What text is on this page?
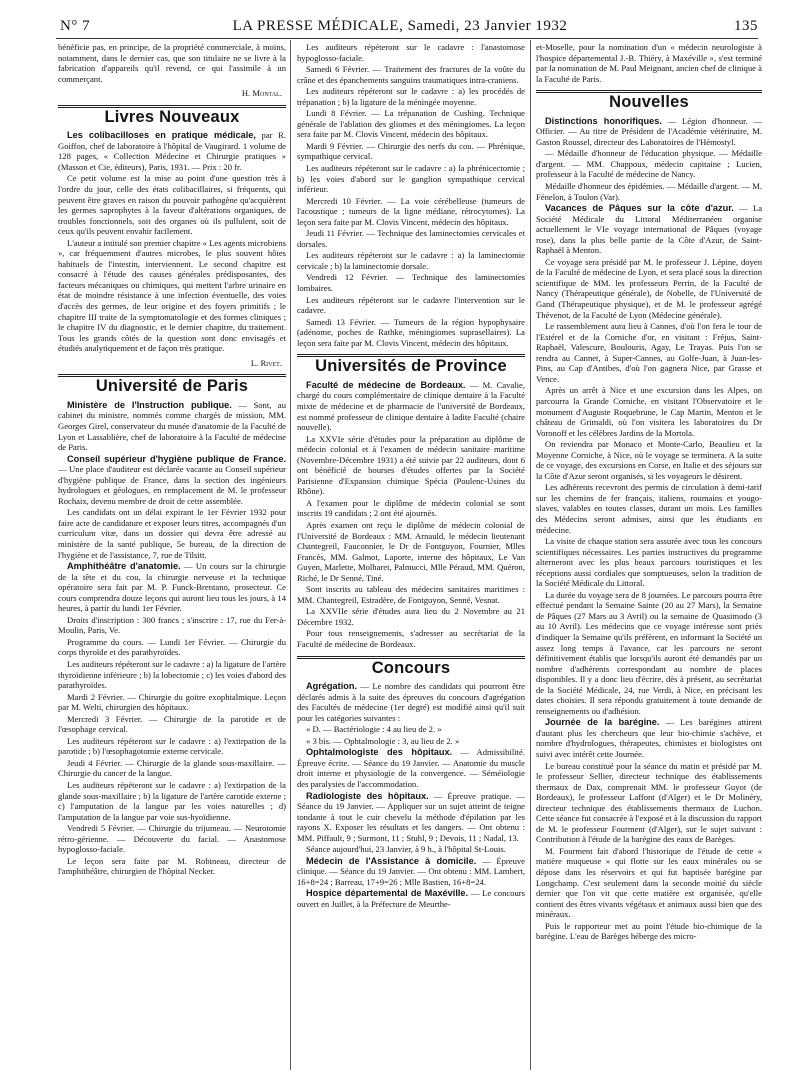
N° 7	LA PRESSE MÉDICALE, Samedi, 23 Janvier 1932	135

bénéficie pas, en principe, de la propriété commerciale, à moins, notamment, dans le dernier cas, que son titulaire ne se livre à la fabrication d'appareils qu'il revend, ce qui l'assimile à un commerçant.

H. Montal.
Livres Nouveaux

Les colibacilloses en pratique médicale, par R. Goiffon, chef de laboratoire à l'hôpital de Vaugirard. 1 volume de 128 pages, « Collection Médecine et Chirurgie pratiques » (Masson et Cie, éditeurs), Paris, 1931. — Prix : 20 fr.

Ce petit volume est la mise au point d'une question très à l'ordre du jour, celle des états colibacillaires, si fréquents, qui peuvent être graves en raison du pouvoir pathogène qu'acquièrent les germes saprophytes à la faveur d'altérations organiques, de troubles fonctionnels, soit des organes où ils pullulent, soit de ceux qu'ils peuvent envahir facilement.

L'auteur a intitulé son premier chapitre « Les agents microbiens », car fréquemment d'autres microbes, le plus souvent hôtes habituels de l'intestin, interviennent. Le second chapitre est consacré à l'étude des causes générales prédisposantes, des facteurs mécaniques ou chimiques, qui mettent l'arbre urinaire en état de moindre résistance à une infection éventuelle, des voies d'accès des germes, de leur origine et des foyers primitifs ; le chapitre III traite de la symptomatologie et des formes cliniques ; le chapitre IV du diagnostic, et le dernier chapitre, du traitement. Tous les grands côtés de la question sont donc envisagés et étudiés analytiquement et de façon très pratique.

L. Rivet.
Université de Paris

Ministère de l'Instruction publique. — Sont, au cabinet du ministre, nommés comme chargés de mission, MM. Georges Girel, conservateur du musée d'anatomie de la Faculté de Lyon et Lassablière, chef de laboratoire à la Faculté de médecine de Paris.

Conseil supérieur d'hygiène publique de France. — Une place d'auditeur est déclarée vacante au Conseil supérieur d'hygiène publique de France, dans la section des ingénieurs hydrologues et géologues, en remplacement de M. le professeur Rochaix, devenu membre de droit de cette assemblée.

Les candidats ont un délai expirant le 1er Février 1932 pour faire acte de candidature et exposer leurs titres, accompagnés d'un curriculum vitæ, dans un dossier qui devra être adressé au ministère de la santé publique, 5e bureau, de la direction de l'hygiène et de l'assistance, 7, rue de Tilsitt.

Amphithéâtre d'anatomie. — Un cours sur la chirurgie de la tête et du cou, la chirurgie nerveuse et la technique opératoire sera fait par M. P. Funck-Brentano, prosecteur. Ce cours comprendra douze leçons qui auront lieu tous les jours, à 14 heures, à partir du lundi 1er Février.

Droits d'inscription : 300 francs ; s'inscrire : 17, rue du Fer-à-Moulin, Paris, Ve.

Programme du cours. — Lundi 1er Février. — Chirurgie du corps thyroïde et des parathyroïdes.

Les auditeurs répéteront sur le cadavre : a) la ligature de l'artère thyroïdienne inférieure ; b) la lobectomie ; c) les voies d'abord des parathyroïdes.

Mardi 2 Février. — Chirurgie du goitre exophtalmique. Leçon par M. Welti, chirurgien des hôpitaux.

Mercredi 3 Février. — Chirurgie de la parotide et de l'œsophage cervical.

Les auditeurs répéteront sur le cadavre : a) l'extirpation de la parotide ; b) l'œsophagotomie externe cervicale.

Jeudi 4 Février. — Chirurgie de la glande sous-maxillaire. — Chirurgie du cancer de la langue.

Les auditeurs répéteront sur le cadavre : a) l'extirpation de la glande sous-maxillaire ; b) la ligature de l'artère carotide externe ; c) l'amputation de la langue par les voies naturelles ; d) l'amputation de la langue par voie sus-hyoïdienne.

Vendredi 5 Février. — Chirurgie du trijumeau. — Neurotomie rétro-gérienne. — Découverte du facial. — Anastomose hypoglosso-faciale.

Le leçon sera faite par M. Robineau, directeur de l'amphithéâtre, chirurgien de l'hôpital Necker.

Les auditeurs répéteront sur le cadavre : l'anastomose hypoglosso-faciale.

Samedi 6 Février. — Traitement des fractures de la voûte du crâne et des épanchements sanguins traumatiques intra-craniens.

Les auditeurs répéteront sur le cadavre : a) les procédés de trépanation ; b) la ligature de la méningée moyenne.

Lundi 8 Février. — La trépanation de Cushing. Technique générale de l'ablation des gliomes et des méningiomes. La leçon sera faite par M. Clovis Vincent, médecin des hôpitaux.

Mardi 9 Février. — Chirurgie des nerfs du cou. — Phrénique, sympathique cervical.

Les auditeurs répéteront sur le cadavre : a) la phrénicectomie ; b) les voies d'abord sur le ganglion sympathique cervical inférieur.

Mercredi 10 Février. — La voie cérébelleuse (tumeurs de l'acoustique ; tumeurs de la ligne médiane, rétrocytomes). La leçon sera faite par M. Clovis Vincent, médecin des hôpitaux.

Jeudi 11 Février. — Technique des laminectomies cervicales et dorsales.

Les auditeurs répéteront sur le cadavre : a) la laminectomie cervicale ; b) la laminectomie dorsale.

Vendredi 12 Février. — Technique des laminectomies lombaires.

Les auditeurs répéteront sur le cadavre l'intervention sur le cadavre.

Samedi 13 Février. — Tumeurs de la région hypophysaire (adénome, poches de Rathke, méningiomes suprasellaires). La leçon sera faite par M. Clovis Vincent, médecin des hôpitaux.

Universités de Province

Faculté de médecine de Bordeaux. — M. Cavalie, chargé du cours complémentaire de clinique dentaire à la Faculté mixte de médecine et de pharmacie de l'université de Bordeaux, est nommé professeur de clinique dentaire à ladite Faculté (chaire nouvelle).

La XXVIe série d'études pour la préparation au diplôme de médecin colonial et à l'examen de médecin sanitaire maritime (Novembre-Décembre 1931) a été suivie par 22 auditeurs, dont 6 ont bénéficié de bourses d'études offertes par la Société Parisienne d'Expansion chimique Spécia (Poulenc-Usines du Rhône).

A l'examen pour le diplôme de médecin colonial se sont inscrits 19 candidats ; 2 ont été ajournés.

Après examen ont reçu le diplôme de médecin colonial de l'Université de Bordeaux : MM. Arnauld, le médecin lieutenant Chantegreil, Fauconnier, le Dr de Fontguyon, Fournier, Mlles Francès, MM. Galmot, Laporte, interne des hôpitaux, Le Van Guyen, Marlette, Molharet, Palmucci, Mlle Péraud, MM. Quéron, Riché, le Dr Senné, Tiné.

Sont inscrits au tableau des médecins sanitaires maritimes : MM. Chantegreil, Estradère, de Fontguyon, Senné, Vesnat.

La XXVIIe série d'études aura lieu du 2 Novembre au 21 Décembre 1932.

Pour tous renseignements, s'adresser au secrétariat de la Faculté de médecine de Bordeaux.

Concours

Agrégation. — Le nombre des candidats qui pourront être déclarés admis à la suite des épreuves du concours d'agrégation des Facultés de médecine (1er degré) est modifié ainsi qu'il suit pour les catégories suivantes :

« D. — Bactériologie : 4 au lieu de 2. »

« 3 bis. — Ophtalmologie : 3, au lieu de 2. »

Ophtalmologiste des hôpitaux. — Admissibilité. Épreuve écrite. — Séance du 19 Janvier. — Anatomie du muscle droit interne et physiologie de la convergence. — Séméiologie des paralysies de l'accommodation.

Radiologiste des hôpitaux. — Épreuve pratique. — Séance du 19 Janvier. — Appliquer sur un sujet atteint de teigne tondante à tout le cuir chevelu la méthode d'épilation par les rayons X. Exposer les résultats et les dangers. — Ont obtenu : MM. Piffault, 9 ; Surmont, 11 ; Stuhl, 9 ; Devois, 11 ; Nadal, 13.

Séance aujourd'hui, 23 Janvier, à 9 h., à l'hôpital St-Louis.

Médecin de l'Assistance à domicile. — Épreuve clinique. — Séance du 19 Janvier. — Ont obtenu : MM. Lambert, 16+8=24 ; Barreau, 17+9=26 ; Mlle Bastien, 16+8=24.

Hospice départemental de Maxéville. — Le concours ouvert en Juillet, à la Préfecture de Meurthe-

et-Moselle, pour la nomination d'un « médecin neurologiste à l'hospice départemental J.-B. Thiéry, à Maxéville », s'est terminé par la nomination de M. Paul Meignant, ancien chef de clinique à la Faculté de Paris.

Nouvelles

Distinctions honorifiques. — Légion d'honneur. — Officier. — Au titre de Président de l'Académie vétérinaire, M. Gaston Roussel, directeur des Laboratoires de l'Hémostyl.

— Médaille d'honneur de l'éducation physique. — Médaille d'argent. — MM. Chappoux, médecin capitaine ; Lucien, professeur à la Faculté de médecine de Nancy.

Médaille d'honneur des épidémies. — Médaille d'argent. — M. Fénelon, à Toulon (Var).

Vacances de Pâques sur la côte d'azur. — La Société Médicale du Littoral Méditerranéen organise actuellement le VIe voyage international de Pâques (voyage rose), dans la plus belle partie de la Côte d'Azur, de Saint-Raphaël à Menton.

Ce voyage sera présidé par M. le professeur J. Lépine, doyen de la Faculté de médecine de Lyon, et sera placé sous la direction scientifique de MM. les professeurs Perrin, de la Faculté de Nancy (Thérapeutique générale), de Nobelle, de l'Université de Gand (Thérapeutique physique), et de M. le professeur agrégé Thévenot, de la Faculté de Lyon (Médecine générale).

Le rassemblement aura lieu à Cannes, d'où l'on fera le tour de l'Estérel et de la Corniche d'or, en visitant : Fréjus, Saint-Raphaël, Valescure, Boulouris, Agay, Le Trayas. Puis l'on se rendra au Cannet, à Super-Cannes, au Golfe-Juan, à Juan-les-Pins, au Cap d'Antibes, d'où l'on gagnera Nice, par Grasse et Vence.

Après un arrêt à Nice et une excursion dans les Alpes, on parcourra la Grande Corniche, en visitant l'Observatoire et le monument d'Auguste Roquebrune, le Cap Martin, Menton et le château de Grimaldi, où l'on visitera les laboratoires du Dr Voronoff et les célèbres Jardins de la Mortola.

On reviendra par Monaco et Monte-Carlo, Beaulieu et la Moyenne Corniche, à Nice, où le voyage se terminera. A la suite de ce voyage, des excursions en Corse, en Italie et des séjours sur la Côte d'Azur seront organisés, si les voyageurs le désirent.

Les adhérents recevront des permis de circulation à demi-tarif sur les chemins de fer français, italiens, roumains et yougo-slaves, valables en toutes classes, durant un mois. Les familles des Médecins seront admises, ainsi que les étudiants en médecine.

La visite de chaque station sera assurée avec tous les concours scientifiques nécessaires. Les parties instructives du programme alterneront avec les plus beaux parcours touristiques et les réceptions aussi cordiales que somptueuses, selon la tradition de la Société Médicale du Littoral.

La durée du voyage sera de 8 journées. Le parcours pourra être effectué pendant la Semaine Sainte (20 au 27 Mars), la Semaine de Pâques (27 Mars au 3 Avril) ou la semaine de Quasimodo (3 au 10 Avril). Les médecins que ce voyage intéresse sont priés d'indiquer la Semaine qu'ils préfèrent, en informant la Société un assez long temps à l'avance, car les parcours ne seront définitivement établis que lorsqu'ils auront été demandés par un nombre d'adhérents correspondant au nombre de places disponibles. Il y a donc lieu d'écrire, dès à présent, au secrétariat de la Société Médicale, 24, rue Verdi, à Nice, en précisant les dates choisies. Il sera répondu gratuitement à toute demande de renseignements ou d'adhésion.

Journée de la barégine. — Les barégines attirent d'autant plus les chercheurs que leur bio-chimie s'achève, et nombre d'hydrologues, thérapeutes, chimistes et biologistes ont suivi avec intérêt cette Journée.

Le bureau constitué pour la séance du matin et présidé par M. le professeur Sellier, directeur technique des établissements thermaux de Dax, comprenait MM. le professeur Guyot (de Bordeaux), le professeur Laffont (d'Alger) et le Dr Molinéry, directeur technique des établissements thermaux de Luchon. Cette séance fut consacrée à l'exposé et à la discussion du rapport de M. le professeur Fourment (d'Alger), sur le sujet suivant : Contribution à l'étude de la barégine des eaux de Barèges.

M. Fourment fait d'abord l'historique de l'étude de cette « matière muqueuse » qui flotte sur les eaux minérales ou se dépose dans les réservoirs et qui fut baptisée barégine par Longchamp. C'est seulement dans la seconde moitié du siècle dernier que l'on vit que cette matière est organisée, qu'elle contient des êtres vivants végétaux et animaux aussi bien que des minéraux.

Puis le rapporteur met au point l'étude bio-chimique de la barégine. L'eau de Barèges héberge des micro-
